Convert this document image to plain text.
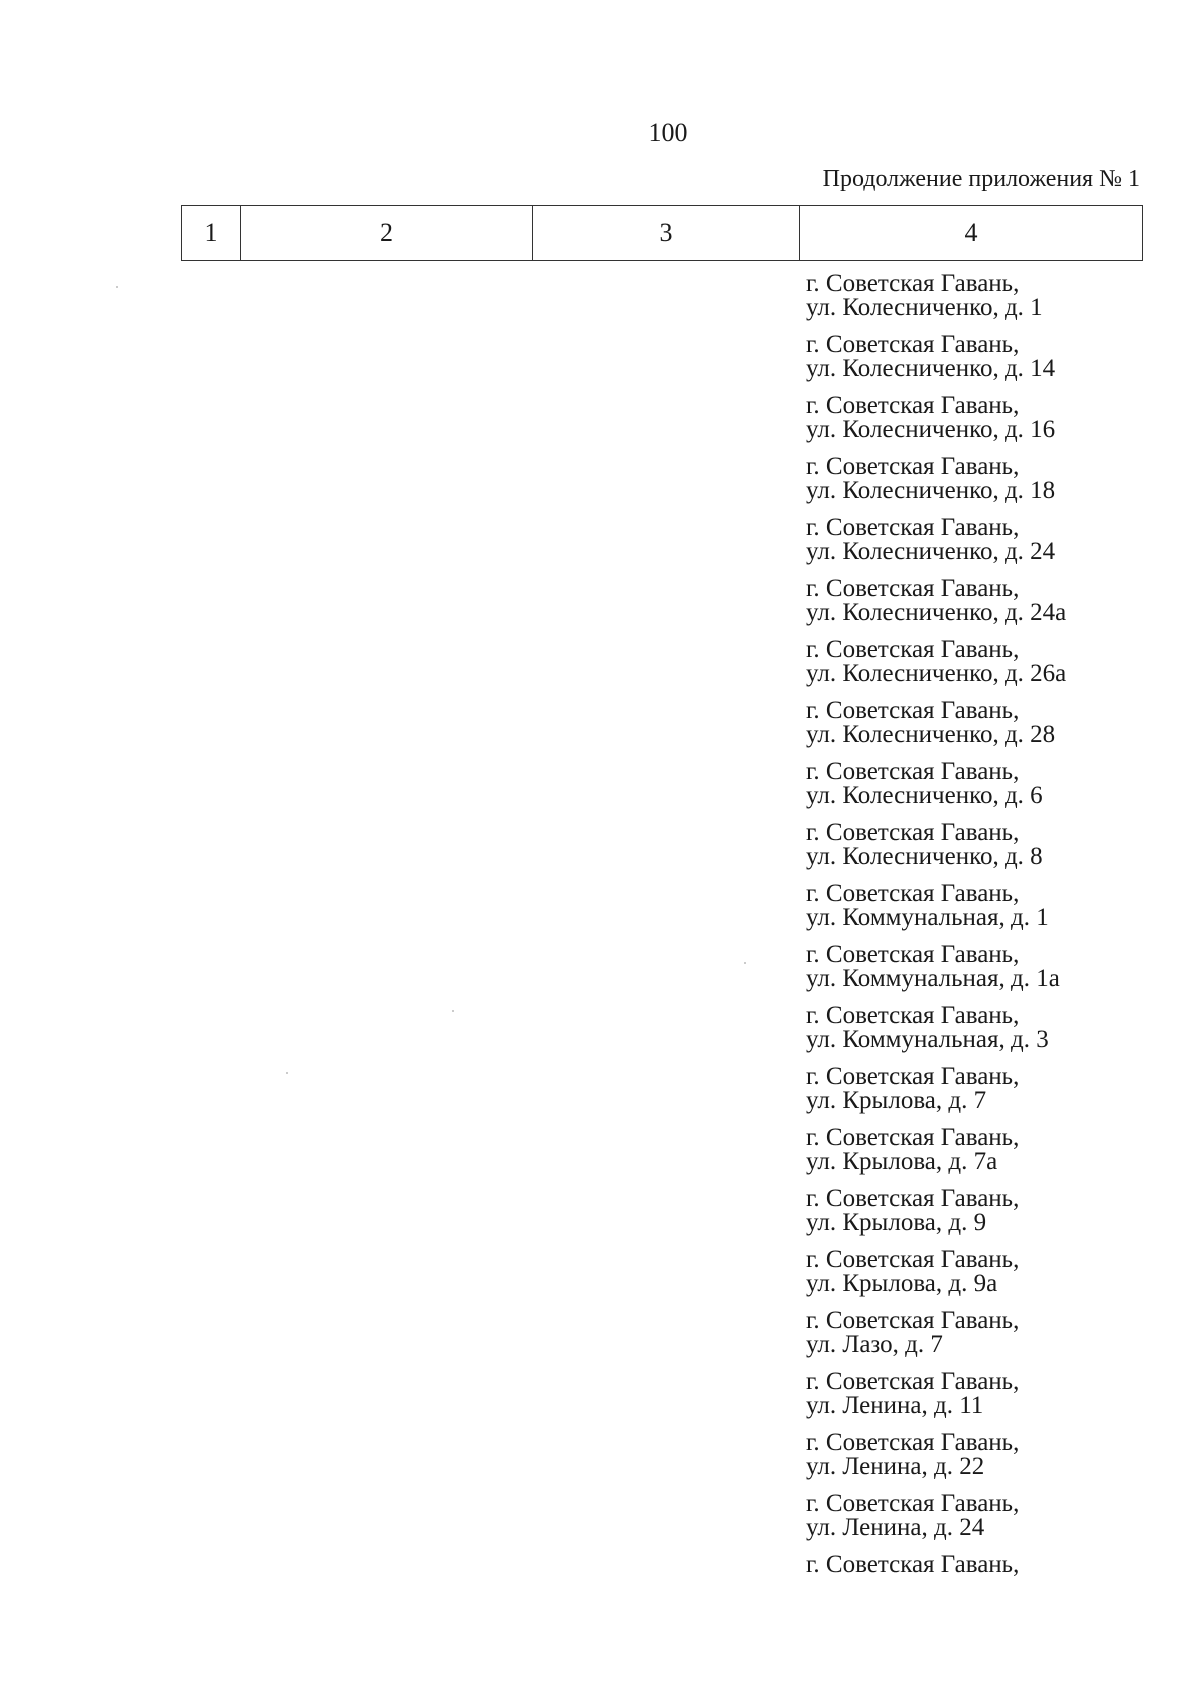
100
Продолжение приложения № 1
1	2	3	4
г. Советская Гавань,
ул. Колесниченко, д. 1
г. Советская Гавань,
ул. Колесниченко, д. 14
г. Советская Гавань,
ул. Колесниченко, д. 16
г. Советская Гавань,
ул. Колесниченко, д. 18
г. Советская Гавань,
ул. Колесниченко, д. 24
г. Советская Гавань,
ул. Колесниченко, д. 24а
г. Советская Гавань,
ул. Колесниченко, д. 26а
г. Советская Гавань,
ул. Колесниченко, д. 28
г. Советская Гавань,
ул. Колесниченко, д. 6
г. Советская Гавань,
ул. Колесниченко, д. 8
г. Советская Гавань,
ул. Коммунальная, д. 1
г. Советская Гавань,
ул. Коммунальная, д. 1а
г. Советская Гавань,
ул. Коммунальная, д. 3
г. Советская Гавань,
ул. Крылова, д. 7
г. Советская Гавань,
ул. Крылова, д. 7а
г. Советская Гавань,
ул. Крылова, д. 9
г. Советская Гавань,
ул. Крылова, д. 9а
г. Советская Гавань,
ул. Лазо, д. 7
г. Советская Гавань,
ул. Ленина, д. 11
г. Советская Гавань,
ул. Ленина, д. 22
г. Советская Гавань,
ул. Ленина, д. 24
г. Советская Гавань,
